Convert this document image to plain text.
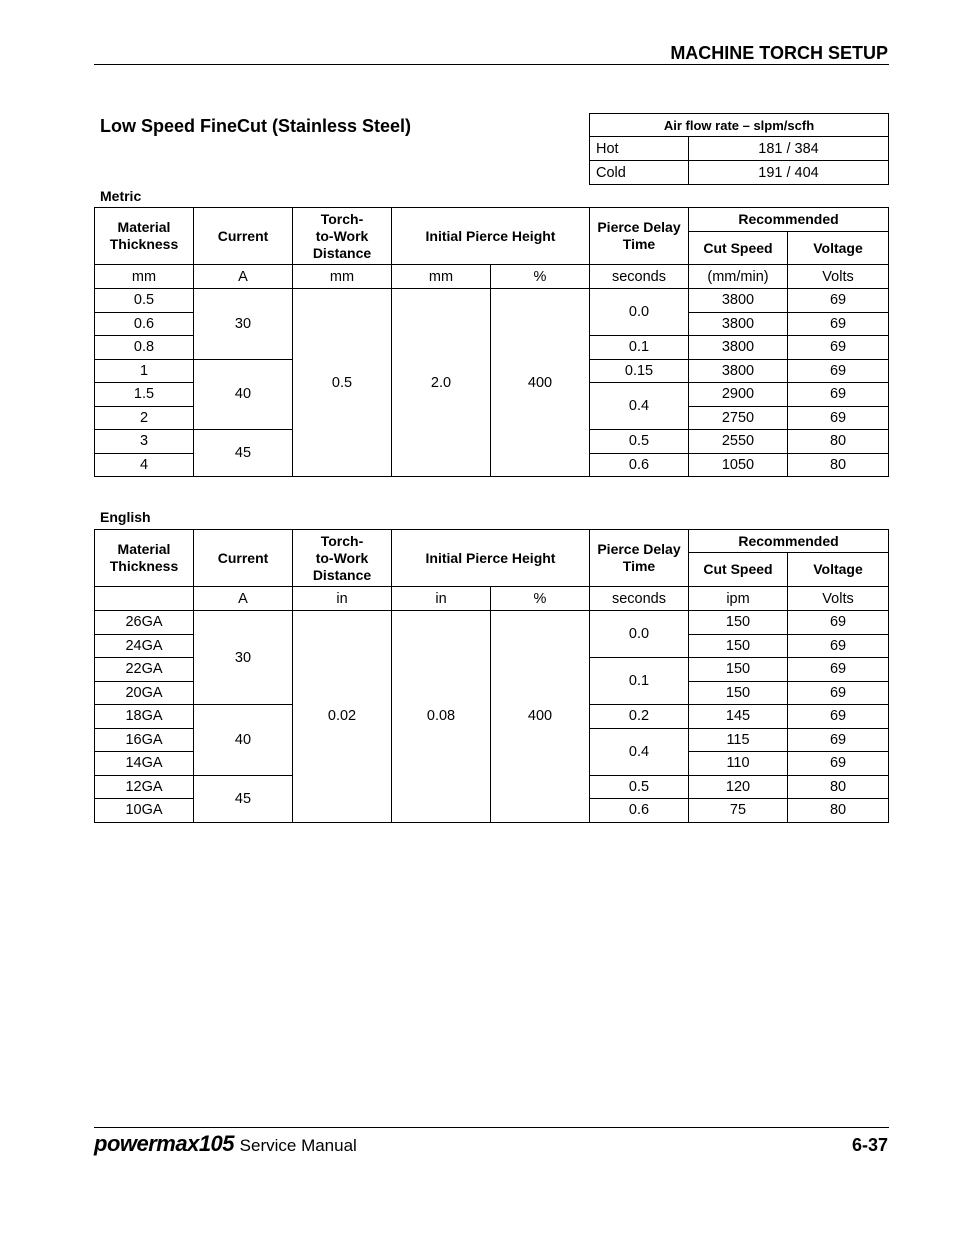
MACHINE TORCH SETUP
Low Speed FineCut (Stainless Steel)	Air flow rate – slpm/scfh	
Hot	181 / 384
Cold	191 / 404
Metric
Material Thickness	Current	Torch-
to-Work
Distance	Initial Pierce Height		Pierce Delay Time	Recommended	
						Cut Speed	Voltage
mm	A	mm	mm	%	seconds	(mm/min)	Volts
0.5	30	0.5	2.0	400	0.0	3800	69
0.6						3800	69
0.8					0.1	3800	69
1	40				0.15	3800	69
1.5					0.4	2900	69
2						2750	69
3	45				0.5	2550	80
4					0.6	1050	80
English
Material Thickness	Current	Torch-
to-Work
Distance	Initial Pierce Height		Pierce Delay Time	Recommended	
						Cut Speed	Voltage
	A	in	in	%	seconds	ipm	Volts
26GA	30	0.02	0.08	400	0.0	150	69
24GA						150	69
22GA					0.1	150	69
20GA						150	69
18GA	40				0.2	145	69
16GA					0.4	115	69
14GA						110	69
12GA	45				0.5	120	80
10GA					0.6	75	80
powermax105 Service Manual	6-37
